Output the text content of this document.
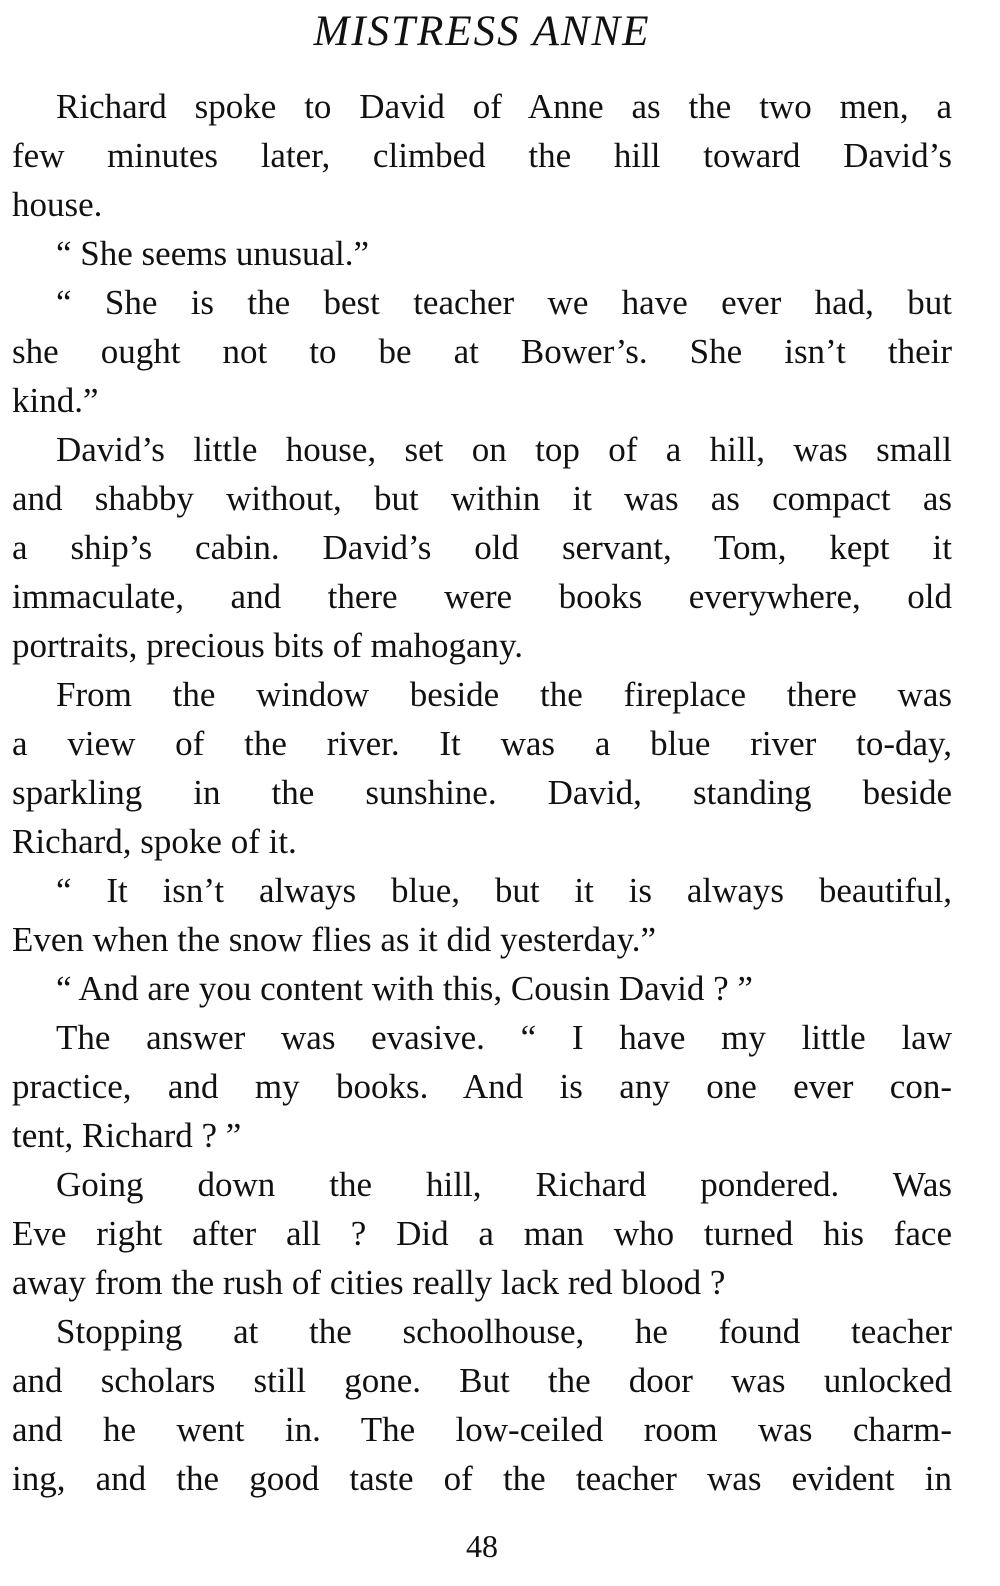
MISTRESS ANNE
Richard spoke to David of Anne as the two men, a
few minutes later, climbed the hill toward David’s
house.
“ She seems unusual.”
“ She is the best teacher we have ever had, but
she ought not to be at Bower’s. She isn’t their
kind.”
David’s little house, set on top of a hill, was small
and shabby without, but within it was as compact as
a ship’s cabin. David’s old servant, Tom, kept it
immaculate, and there were books everywhere, old
portraits, precious bits of mahogany.
From the window beside the fireplace there was
a view of the river. It was a blue river to-day,
sparkling in the sunshine. David, standing beside
Richard, spoke of it.
“ It isn’t always blue, but it is always beautiful,
Even when the snow flies as it did yesterday.”
“ And are you content with this, Cousin David ? ”
The answer was evasive. “ I have my little law
practice, and my books. And is any one ever con-
tent, Richard ? ”
Going down the hill, Richard pondered. Was
Eve right after all ? Did a man who turned his face
away from the rush of cities really lack red blood ?
Stopping at the schoolhouse, he found teacher
and scholars still gone. But the door was unlocked
and he went in. The low-ceiled room was charm-
ing, and the good taste of the teacher was evident in
48
